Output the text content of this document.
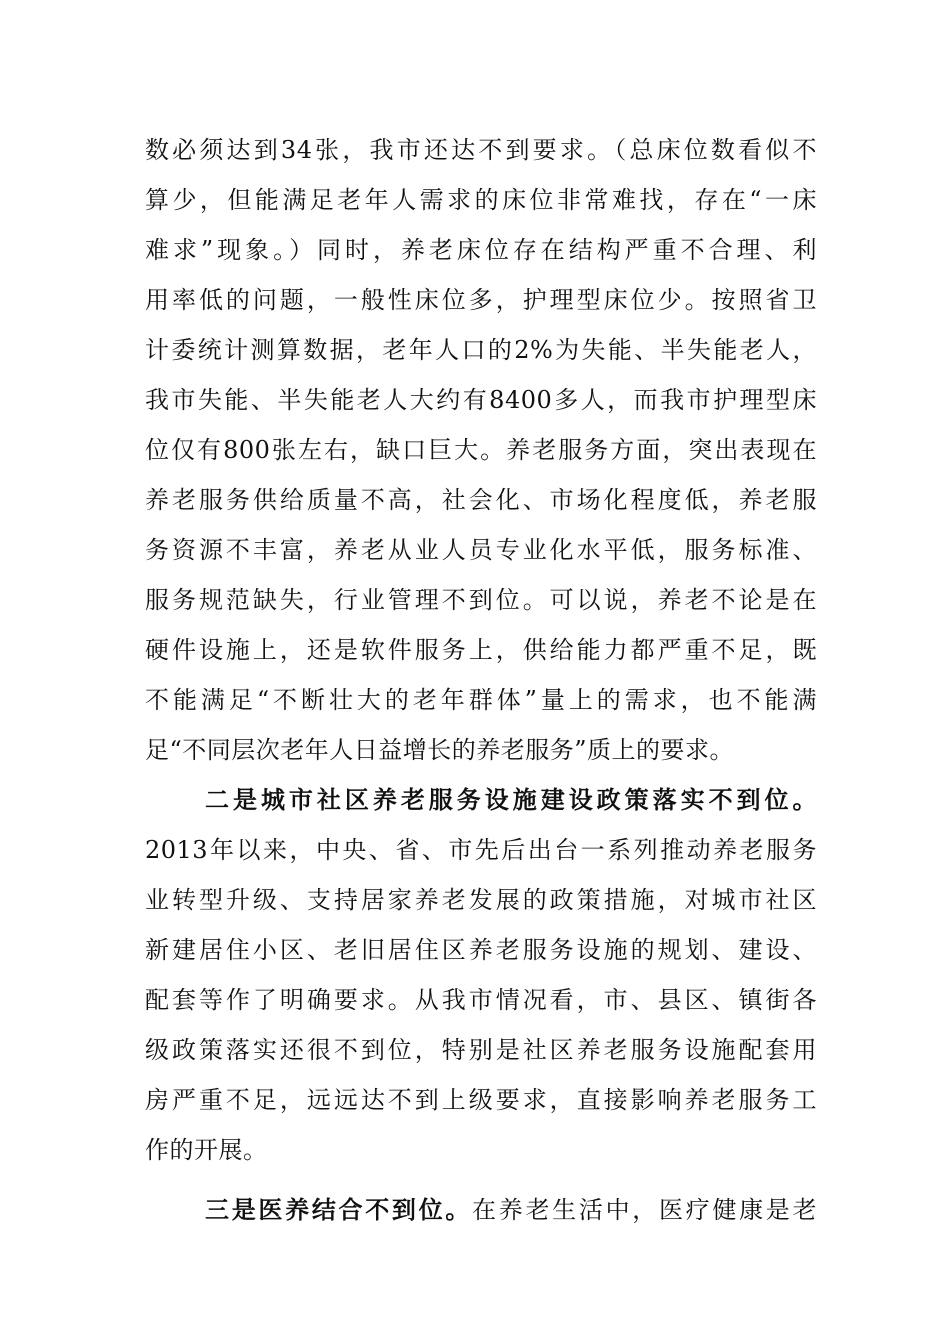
数必须达到34张，我市还达不到要求。（总床位数看似不
算少，但能满足老年人需求的床位非常难找，存在“一床
难求”现象。）同时，养老床位存在结构严重不合理、利
用率低的问题，一般性床位多，护理型床位少。按照省卫
计委统计测算数据，老年人口的2%为失能、半失能老人，
我市失能、半失能老人大约有8400多人，而我市护理型床
位仅有800张左右，缺口巨大。养老服务方面，突出表现在
养老服务供给质量不高，社会化、市场化程度低，养老服
务资源不丰富，养老从业人员专业化水平低，服务标准、
服务规范缺失，行业管理不到位。可以说，养老不论是在
硬件设施上，还是软件服务上，供给能力都严重不足，既
不能满足“不断壮大的老年群体”量上的需求，也不能满
足“不同层次老年人日益增长的养老服务”质上的要求。
二是城市社区养老服务设施建设政策落实不到位。
2013年以来，中央、省、市先后出台一系列推动养老服务
业转型升级、支持居家养老发展的政策措施，对城市社区
新建居住小区、老旧居住区养老服务设施的规划、建设、
配套等作了明确要求。从我市情况看，市、县区、镇街各
级政策落实还很不到位，特别是社区养老服务设施配套用
房严重不足，远远达不到上级要求，直接影响养老服务工
作的开展。
三是医养结合不到位。在养老生活中，医疗健康是老
